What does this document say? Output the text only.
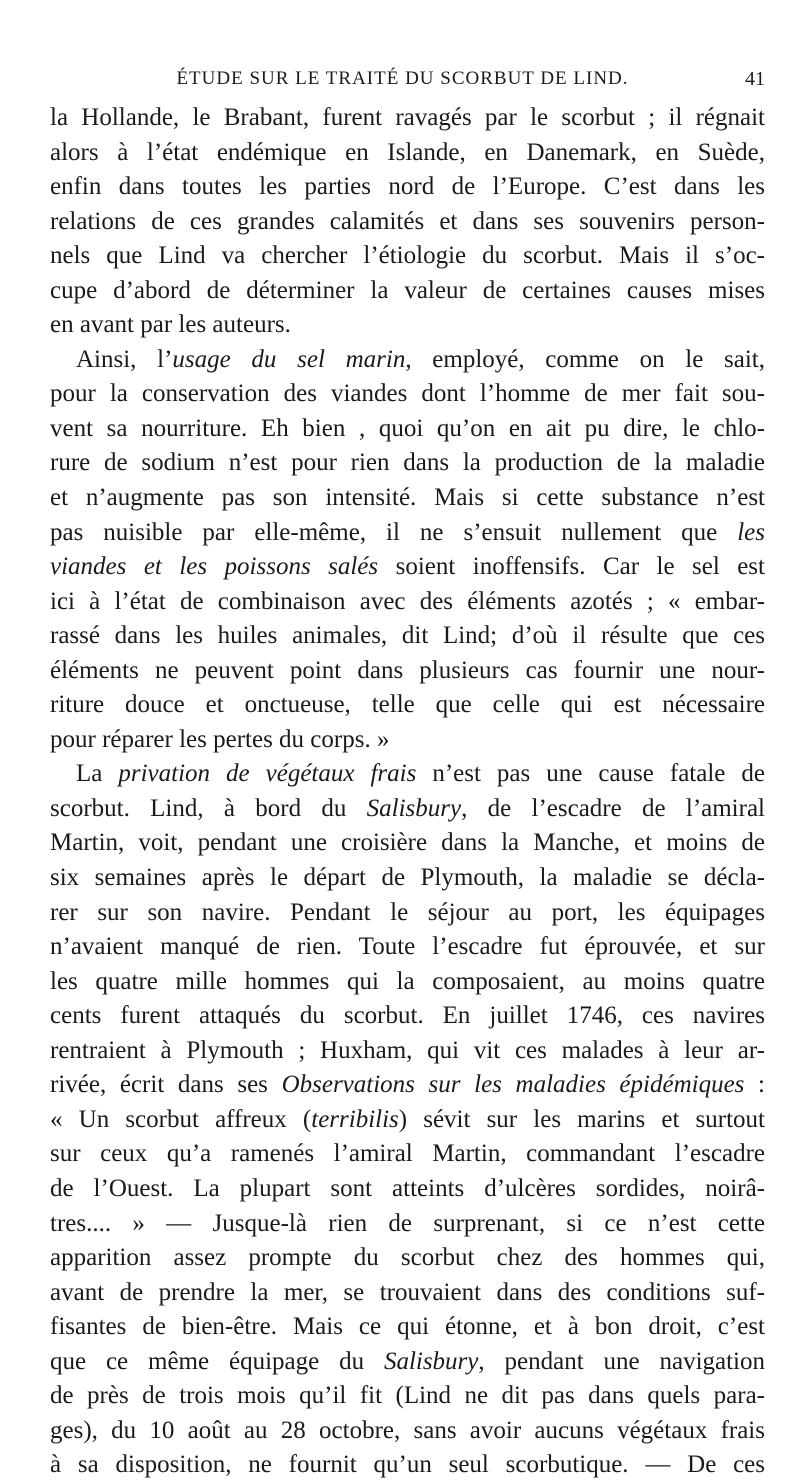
ÉTUDE SUR LE TRAITÉ DU SCORBUT DE LIND.	41
la Hollande, le Brabant, furent ravagés par le scorbut ; il régnait
alors à l’état endémique en Islande, en Danemark, en Suède,
enfin dans toutes les parties nord de l’Europe. C’est dans les
relations de ces grandes calamités et dans ses souvenirs person-
nels que Lind va chercher l’étiologie du scorbut. Mais il s’oc-
cupe d’abord de déterminer la valeur de certaines causes mises
en avant par les auteurs.
Ainsi, l’usage du sel marin, employé, comme on le sait,
pour la conservation des viandes dont l’homme de mer fait sou-
vent sa nourriture. Eh bien , quoi qu’on en ait pu dire, le chlo-
rure de sodium n’est pour rien dans la production de la maladie
et n’augmente pas son intensité. Mais si cette substance n’est
pas nuisible par elle-même, il ne s’ensuit nullement que les
viandes et les poissons salés soient inoffensifs. Car le sel est
ici à l’état de combinaison avec des éléments azotés ; « embar-
rassé dans les huiles animales, dit Lind; d’où il résulte que ces
éléments ne peuvent point dans plusieurs cas fournir une nour-
riture douce et onctueuse, telle que celle qui est nécessaire
pour réparer les pertes du corps. »
La privation de végétaux frais n’est pas une cause fatale de
scorbut. Lind, à bord du Salisbury, de l’escadre de l’amiral
Martin, voit, pendant une croisière dans la Manche, et moins de
six semaines après le départ de Plymouth, la maladie se décla-
rer sur son navire. Pendant le séjour au port, les équipages
n’avaient manqué de rien. Toute l’escadre fut éprouvée, et sur
les quatre mille hommes qui la composaient, au moins quatre
cents furent attaqués du scorbut. En juillet 1746, ces navires
rentraient à Plymouth ; Huxham, qui vit ces malades à leur ar-
rivée, écrit dans ses Observations sur les maladies épidémiques :
« Un scorbut affreux (terribilis) sévit sur les marins et surtout
sur ceux qu’a ramenés l’amiral Martin, commandant l’escadre
de l’Ouest. La plupart sont atteints d’ulcères sordides, noirâ-
tres.... » — Jusque-là rien de surprenant, si ce n’est cette
apparition assez prompte du scorbut chez des hommes qui,
avant de prendre la mer, se trouvaient dans des conditions suf-
fisantes de bien-être. Mais ce qui étonne, et à bon droit, c’est
que ce même équipage du Salisbury, pendant une navigation
de près de trois mois qu’il fit (Lind ne dit pas dans quels para-
ges), du 10 août au 28 octobre, sans avoir aucuns végétaux frais
à sa disposition, ne fournit qu’un seul scorbutique. — De ces
